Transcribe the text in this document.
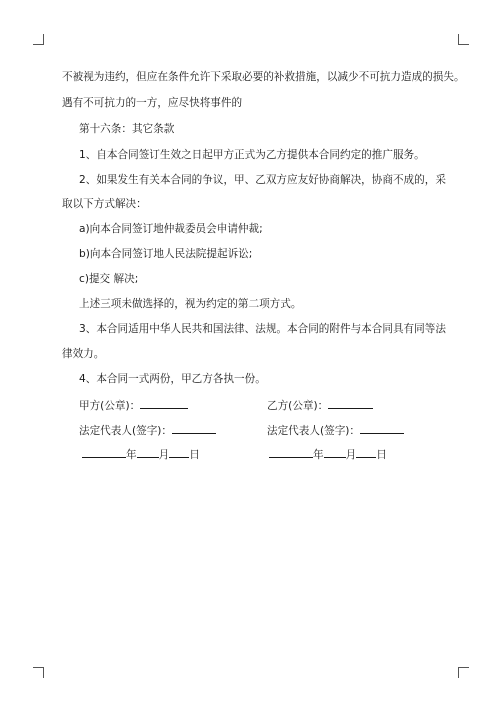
不被视为违约，但应在条件允许下采取必要的补救措施，以减少不可抗力造成的损失。
遇有不可抗力的一方，应尽快将事件的
第十六条：其它条款
1、自本合同签订生效之日起甲方正式为乙方提供本合同约定的推广服务。
2、如果发生有关本合同的争议，甲、乙双方应友好协商解决，协商不成的，采
取以下方式解决：
a)向本合同签订地仲裁委员会申请仲裁;
b)向本合同签订地人民法院提起诉讼;
c)提交 解决;
上述三项未做选择的，视为约定的第二项方式。
3、本合同适用中华人民共和国法律、法规。本合同的附件与本合同具有同等法
律效力。
4、本合同一式两份，甲乙方各执一份。
甲方(公章)：	乙方(公章)：
法定代表人(签字)：	法定代表人(签字)：
年 月 日	年 月 日
